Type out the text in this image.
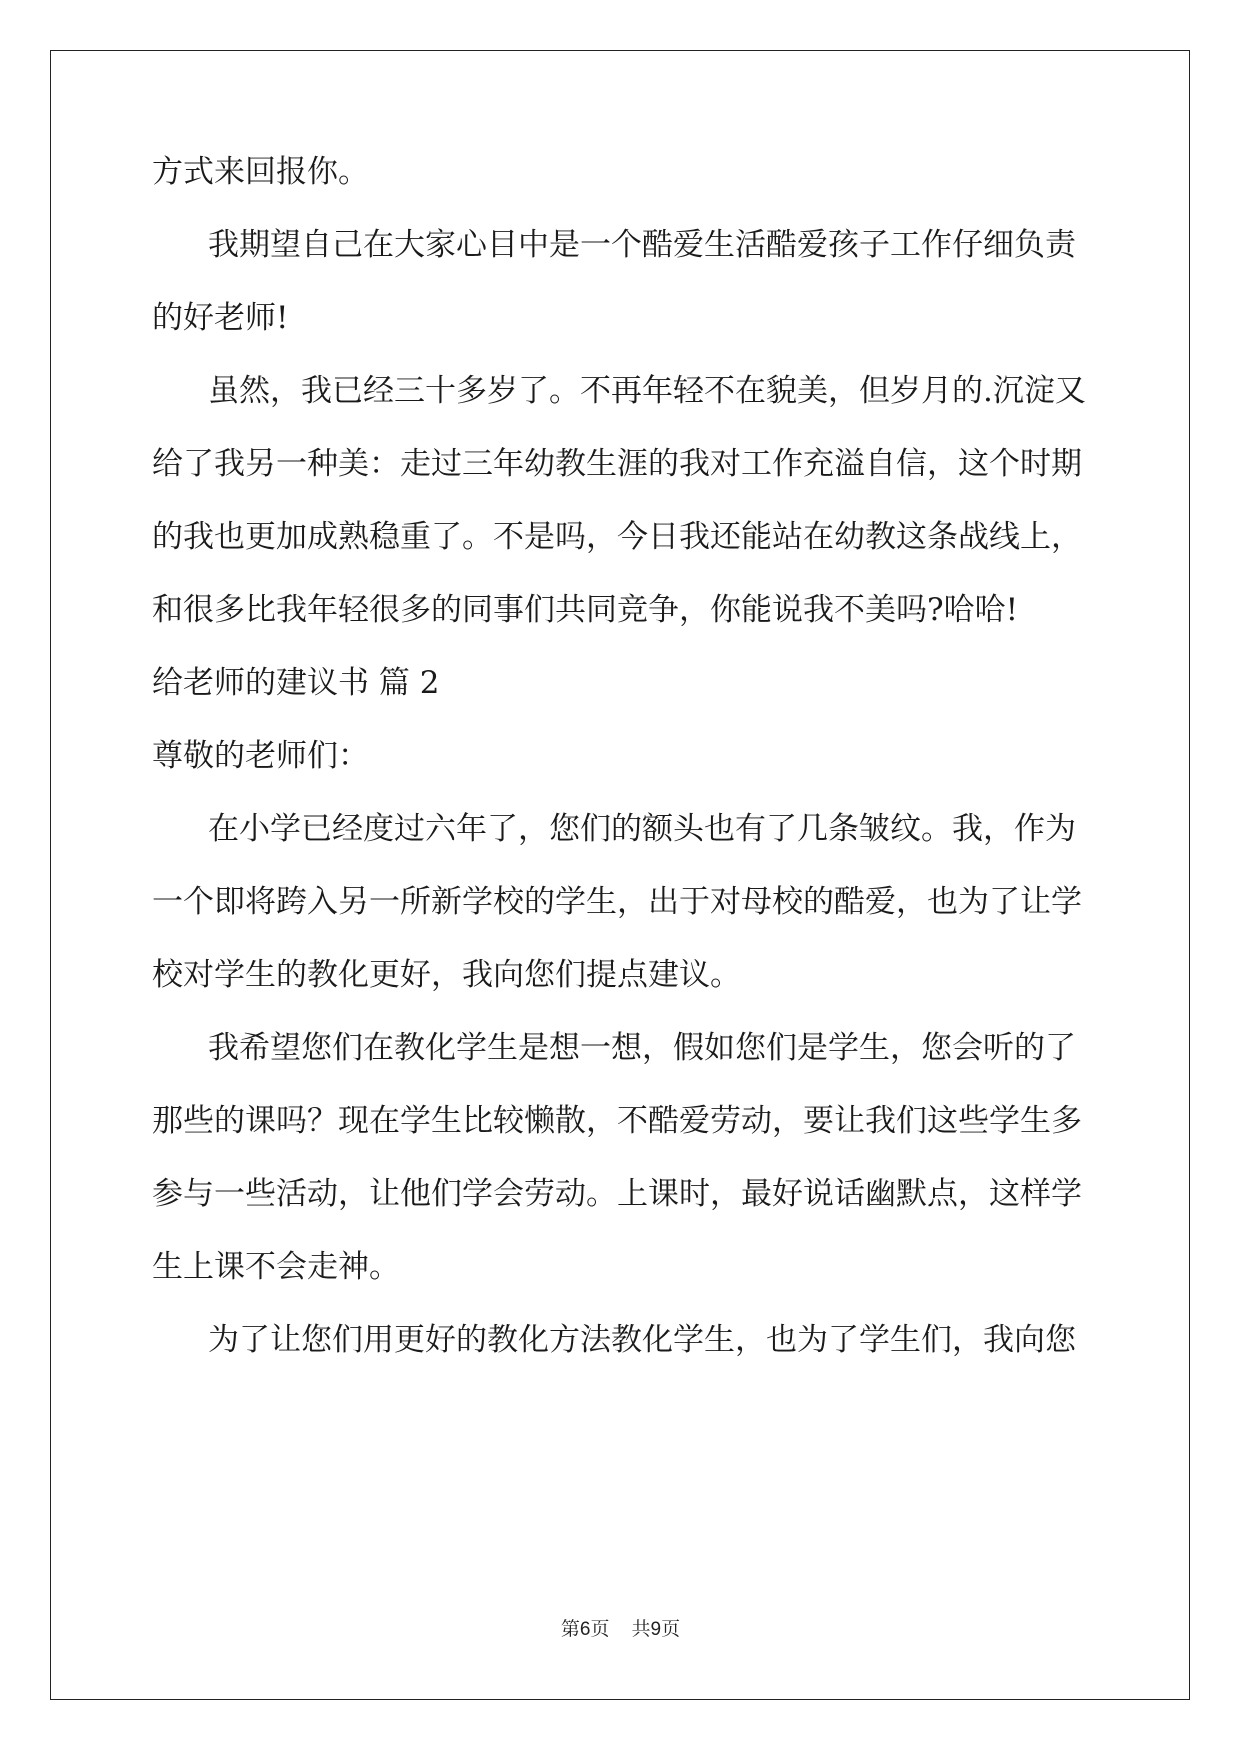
方式来回报你。
我期望自己在大家心目中是一个酷爱生活酷爱孩子工作仔细负责
的好老师!
虽然，我已经三十多岁了。不再年轻不在貌美，但岁月的.沉淀又
给了我另一种美：走过三年幼教生涯的我对工作充溢自信，这个时期
的我也更加成熟稳重了。不是吗，今日我还能站在幼教这条战线上，
和很多比我年轻很多的同事们共同竞争，你能说我不美吗?哈哈!
给老师的建议书 篇 2
尊敬的老师们：
在小学已经度过六年了，您们的额头也有了几条皱纹。我，作为
一个即将跨入另一所新学校的学生，出于对母校的酷爱，也为了让学
校对学生的教化更好，我向您们提点建议。
我希望您们在教化学生是想一想，假如您们是学生，您会听的了
那些的课吗？现在学生比较懒散，不酷爱劳动，要让我们这些学生多
参与一些活动，让他们学会劳动。上课时，最好说话幽默点，这样学
生上课不会走神。
为了让您们用更好的教化方法教化学生，也为了学生们，我向您
第6页 共9页
